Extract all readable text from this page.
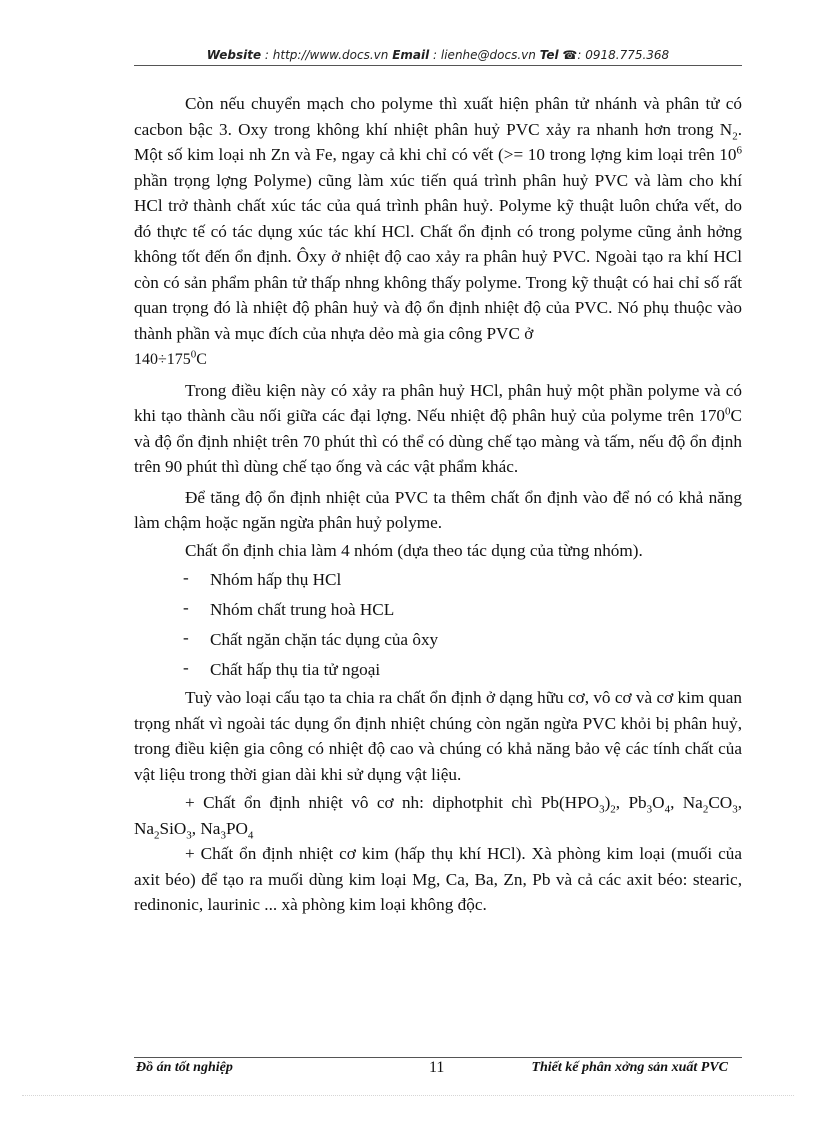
Website : http://www.docs.vn Email : lienhe@docs.vn Tel ☎: 0918.775.368

Còn nếu chuyển mạch cho polyme thì xuất hiện phân tử nhánh và phân tử có cacbon bậc 3. Oxy trong không khí nhiệt phân huỷ PVC xảy ra nhanh hơn trong $N_2$. Một số kim loại nh Zn và Fe, ngay cả khi chỉ có vết (>= 10 trong lợng kim loại trên $10^6$ phần trọng lợng Polyme) cũng làm xúc tiến quá trình phân huỷ PVC và làm cho khí HCl trở thành chất xúc tác của quá trình phân huỷ. Polyme kỹ thuật luôn chứa vết, do đó thực tế có tác dụng xúc tác khí HCl. Chất ổn định có trong polyme cũng ảnh hởng không tốt đến ổn định. Ôxy ở nhiệt độ cao xảy ra phân huỷ PVC. Ngoài tạo ra khí HCl còn có sản phẩm phân tử thấp nhng không thấy polyme. Trong kỹ thuật có hai chỉ số rất quan trọng đó là nhiệt độ phân huỷ và độ ổn định nhiệt độ của PVC. Nó phụ thuộc vào thành phần và mục đích của nhựa dẻo mà gia công PVC ở
$140\div 175^0C$

Trong điều kiện này có xảy ra phân huỷ HCl, phân huỷ một phần polyme và có khi tạo thành cầu nối giữa các đại lợng. Nếu nhiệt độ phân huỷ của polyme trên $170^0C$ và độ ổn định nhiệt trên 70 phút thì có thể có dùng chế tạo màng và tấm, nếu độ ổn định trên 90 phút thì dùng chế tạo ống và các vật phẩm khác.

Để tăng độ ổn định nhiệt của PVC ta thêm chất ổn định vào để nó có khả năng làm chậm hoặc ngăn ngừa phân huỷ polyme.

Chất ổn định chia làm 4 nhóm (dựa theo tác dụng của từng nhóm).

- Nhóm hấp thụ HCl
- Nhóm chất trung hoà HCL
- Chất ngăn chặn tác dụng của ôxy
- Chất hấp thụ tia tử ngoại

Tuỳ vào loại cấu tạo ta chia ra chất ổn định ở dạng hữu cơ, vô cơ và cơ kim quan trọng nhất vì ngoài tác dụng ổn định nhiệt chúng còn ngăn ngừa PVC khỏi bị phân huỷ, trong điều kiện gia công có nhiệt độ cao và chúng có khả năng bảo vệ các tính chất của vật liệu trong thời gian dài khi sử dụng vật liệu.

+ Chất ổn định nhiệt vô cơ nh: diphotphit chì $Pb(HPO_3)_2$, $Pb_3O_4$, $Na_2CO_3$, $Na_2SiO_3$, $Na_3PO_4$

+ Chất ổn định nhiệt cơ kim (hấp thụ khí HCl). Xà phòng kim loại (muối của axit béo) để tạo ra muối dùng kim loại Mg, Ca, Ba, Zn, Pb và cả các axit béo: stearic, redinonic, laurinic ... xà phòng kim loại không độc.

Đồ án tốt nghiệp	11	Thiết kế phân xởng sản xuất PVC
